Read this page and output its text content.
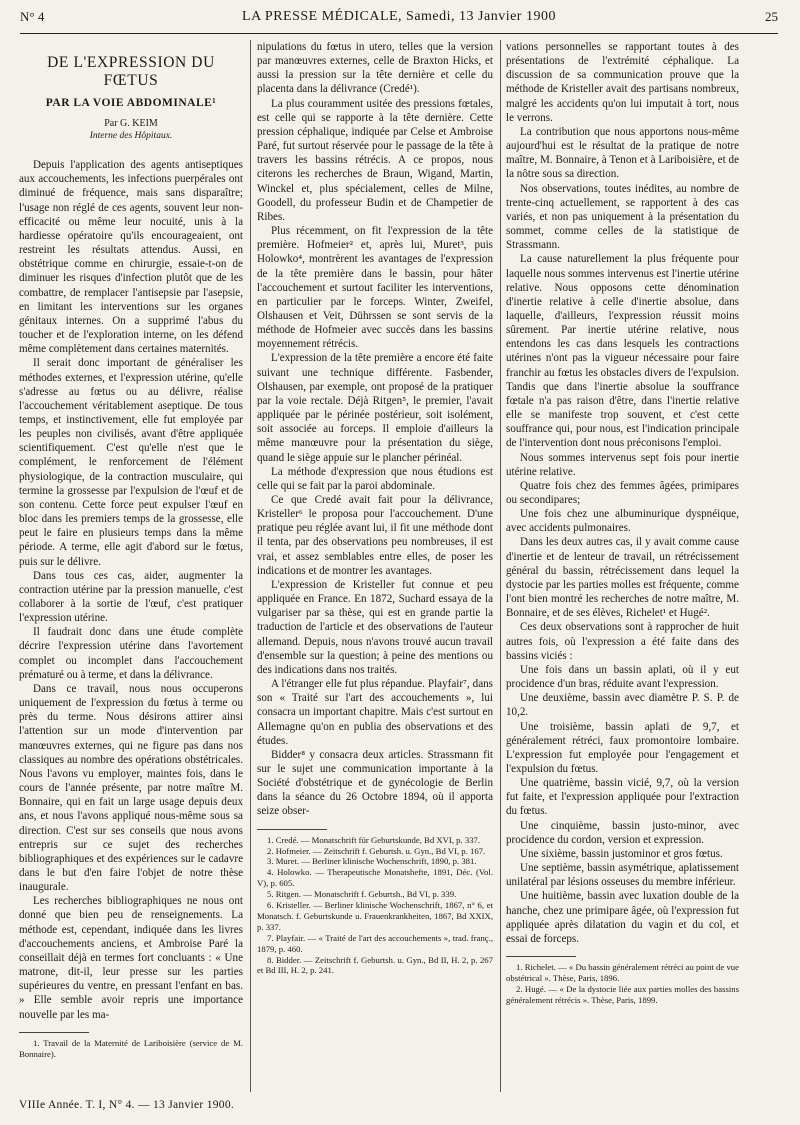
N° 4	LA PRESSE MÉDICALE, Samedi, 13 Janvier 1900	25
DE L'EXPRESSION DU FŒTUS
PAR LA VOIE ABDOMINALE¹
Par G. KEIM
Interne des Hôpitaux.

Depuis l'application des agents antiseptiques aux accouchements, les infections puerpérales ont diminué de fréquence, mais sans disparaître; l'usage non réglé de ces agents, souvent leur non-efficacité ou même leur nocuité, unis à la hardiesse opératoire qu'ils encourageaient, ont restreint les résultats attendus. Aussi, en obstétrique comme en chirurgie, essaie-t-on de diminuer les risques d'infection plutôt que de les combattre, de remplacer l'antisepsie par l'asepsie, en limitant les interventions sur les organes génitaux internes. On a supprimé l'abus du toucher et de l'exploration interne, on les défend même complètement dans certaines maternités.

Il serait donc important de généraliser les méthodes externes, et l'expression utérine, qu'elle s'adresse au fœtus ou au délivre, réalise l'accouchement véritablement aseptique. De tous temps, et instinctivement, elle fut employée par les peuples non civilisés, avant d'être appliquée scientifiquement. C'est qu'elle n'est que le complément, le renforcement de l'élément physiologique, de la contraction musculaire, qui termine la grossesse par l'expulsion de l'œuf et de son contenu. Cette force peut expulser l'œuf en bloc dans les premiers temps de la grossesse, elle peut le faire en plusieurs temps dans la même période. A terme, elle agit d'abord sur le fœtus, puis sur le délivre.

Dans tous ces cas, aider, augmenter la contraction utérine par la pression manuelle, c'est collaborer à la sortie de l'œuf, c'est pratiquer l'expression utérine.

Il faudrait donc dans une étude complète décrire l'expression utérine dans l'avortement complet ou incomplet dans l'accouchement prématuré ou à terme, et dans la délivrance.

Dans ce travail, nous nous occuperons uniquement de l'expression du fœtus à terme ou près du terme. Nous désirons attirer ainsi l'attention sur un mode d'intervention par manœuvres externes, qui ne figure pas dans nos classiques au nombre des opérations obstétricales. Nous l'avons vu employer, maintes fois, dans le cours de l'année présente, par notre maître M. Bonnaire, qui en fait un large usage depuis deux ans, et nous l'avons appliqué nous-même sous sa direction. C'est sur ses conseils que nous avons entrepris sur ce sujet des recherches bibliographiques et des expériences sur le cadavre dans le but d'en faire l'objet de notre thèse inaugurale.

Les recherches bibliographiques ne nous ont donné que bien peu de renseignements. La méthode est, cependant, indiquée dans les livres d'accouchements anciens, et Ambroise Paré la conseillait déjà en termes fort concluants : « Une matrone, dit-il, leur presse sur les parties supérieures du ventre, en pressant l'enfant en bas. » Elle semble avoir repris une importance nouvelle par les ma-

1. Travail de la Maternité de Lariboisière (service de M. Bonnaire).

nipulations du fœtus in utero, telles que la version par manœuvres externes, celle de Braxton Hicks, et aussi la pression sur la tête dernière et celle du placenta dans la délivrance (Credé¹).

La plus couramment usitée des pressions fœtales, est celle qui se rapporte à la tête dernière. Cette pression céphalique, indiquée par Celse et Ambroise Paré, fut surtout réservée pour le passage de la tête à travers les bassins rétrécis. A ce propos, nous citerons les recherches de Braun, Wigand, Martin, Winckel et, plus spécialement, celles de Milne, Goodell, du professeur Budin et de Champetier de Ribes.

Plus récemment, on fit l'expression de la tête première. Hofmeier² et, après lui, Muret³, puis Holowko⁴, montrèrent les avantages de l'expression de la tête première dans le bassin, pour hâter l'accouchement et surtout faciliter les interventions, en particulier par le forceps. Winter, Zweifel, Olshausen et Veit, Dührssen se sont servis de la méthode de Hofmeier avec succès dans les bassins moyennement rétrécis.

L'expression de la tête première a encore été faite suivant une technique différente. Fasbender, Olshausen, par exemple, ont proposé de la pratiquer par la voie rectale. Déjà Ritgen⁵, le premier, l'avait appliquée par le périnée postérieur, soit isolément, soit associée au forceps. Il emploie d'ailleurs la même manœuvre pour la présentation du siège, quand le siège appuie sur le plancher périnéal.

La méthode d'expression que nous étudions est celle qui se fait par la paroi abdominale.

Ce que Credé avait fait pour la délivrance, Kristeller⁶ le proposa pour l'accouchement. D'une pratique peu réglée avant lui, il fit une méthode dont il tenta, par des observations peu nombreuses, il est vrai, et assez semblables entre elles, de poser les indications et de montrer les avantages.

L'expression de Kristeller fut connue et peu appliquée en France. En 1872, Suchard essaya de la vulgariser par sa thèse, qui est en grande partie la traduction de l'article et des observations de l'auteur allemand. Depuis, nous n'avons trouvé aucun travail d'ensemble sur la question; à peine des mentions ou des indications dans nos traités.

A l'étranger elle fut plus répandue. Playfair⁷, dans son « Traité sur l'art des accouchements », lui consacra un important chapitre. Mais c'est surtout en Allemagne qu'on en publia des observations et des études.

Bidder⁸ y consacra deux articles. Strassmann fit sur le sujet une communication importante à la Société d'obstétrique et de gynécologie de Berlin dans la séance du 26 Octobre 1894, où il apporta seize obser-

1. Credé. — Monatschrift für Geburtskunde, Bd XVI, p. 337.
2. Hofmeier. — Zeitschrift f. Geburtsh. u. Gyn., Bd VI, p. 167.
3. Muret. — Berliner klinische Wochenschrift, 1890, p. 381.
4. Holowko. — Therapeutische Monatshefte, 1891, Déc. (Vol. V), p. 605.
5. Ritgen. — Monatschrift f. Geburtsh., Bd VI, p. 339.
6. Kristeller. — Berliner klinische Wochenschrift, 1867, n° 6, et Monatsch. f. Geburtskunde u. Frauenkrankheiten, 1867, Bd XXIX, p. 337.
7. Playfair. — « Traité de l'art des accouchements », trad. franç., 1879, p. 460.
8. Bidder. — Zeitschrift f. Geburtsh. u. Gyn., Bd II, H. 2, p. 267 et Bd III, H. 2, p. 241.

vations personnelles se rapportant toutes à des présentations de l'extrémité céphalique. La discussion de sa communication prouve que la méthode de Kristeller avait des partisans nombreux, malgré les accidents qu'on lui imputait à tort, nous le verrons.

La contribution que nous apportons nous-même aujourd'hui est le résultat de la pratique de notre maître, M. Bonnaire, à Tenon et à Lariboisière, et de la nôtre sous sa direction.

Nos observations, toutes inédites, au nombre de trente-cinq actuellement, se rapportent à des cas variés, et non pas uniquement à la présentation du sommet, comme celles de la statistique de Strassmann.

La cause naturellement la plus fréquente pour laquelle nous sommes intervenus est l'inertie utérine relative. Nous opposons cette dénomination d'inertie relative à celle d'inertie absolue, dans laquelle, d'ailleurs, l'expression réussit moins sûrement. Par inertie utérine relative, nous entendons les cas dans lesquels les contractions utérines n'ont pas la vigueur nécessaire pour faire franchir au fœtus les obstacles divers de l'expulsion. Tandis que dans l'inertie absolue la souffrance fœtale n'a pas raison d'être, dans l'inertie relative elle se manifeste trop souvent, et c'est cette souffrance qui, pour nous, est l'indication principale de l'intervention dont nous préconisons l'emploi.

Nous sommes intervenus sept fois pour inertie utérine relative.

Quatre fois chez des femmes âgées, primipares ou secondipares;

Une fois chez une albuminurique dyspnéique, avec accidents pulmonaires.

Dans les deux autres cas, il y avait comme cause d'inertie et de lenteur de travail, un rétrécissement général du bassin, rétrécissement dans lequel la dystocie par les parties molles est fréquente, comme l'ont bien montré les recherches de notre maître, M. Bonnaire, et de ses élèves, Richelet¹ et Hugé².

Ces deux observations sont à rapprocher de huit autres fois, où l'expression a été faite dans des bassins viciés :

Une fois dans un bassin aplati, où il y eut procidence d'un bras, réduite avant l'expression.

Une deuxième, bassin avec diamètre P. S. P. de 10,2.

Une troisième, bassin aplati de 9,7, et généralement rétréci, faux promontoire lombaire. L'expression fut employée pour l'engagement et l'expulsion du fœtus.

Une quatrième, bassin vicié, 9,7, où la version fut faite, et l'expression appliquée pour l'extraction du fœtus.

Une cinquième, bassin justo-minor, avec procidence du cordon, version et expression.

Une sixième, bassin justominor et gros fœtus.

Une septième, bassin asymétrique, aplatissement unilatéral par lésions osseuses du membre inférieur.

Une huitième, bassin avec luxation double de la hanche, chez une primipare âgée, où l'expression fut appliquée après dilatation du vagin et du col, et essai de forceps.

1. Richelet. — « Du bassin généralement rétréci au point de vue obstétrical ». Thèse, Paris, 1896.
2. Hugé. — « De la dystocie liée aux parties molles des bassins généralement rétrécis ». Thèse, Paris, 1899.
VIIIe Année. T. I, N° 4. — 13 Janvier 1900.
